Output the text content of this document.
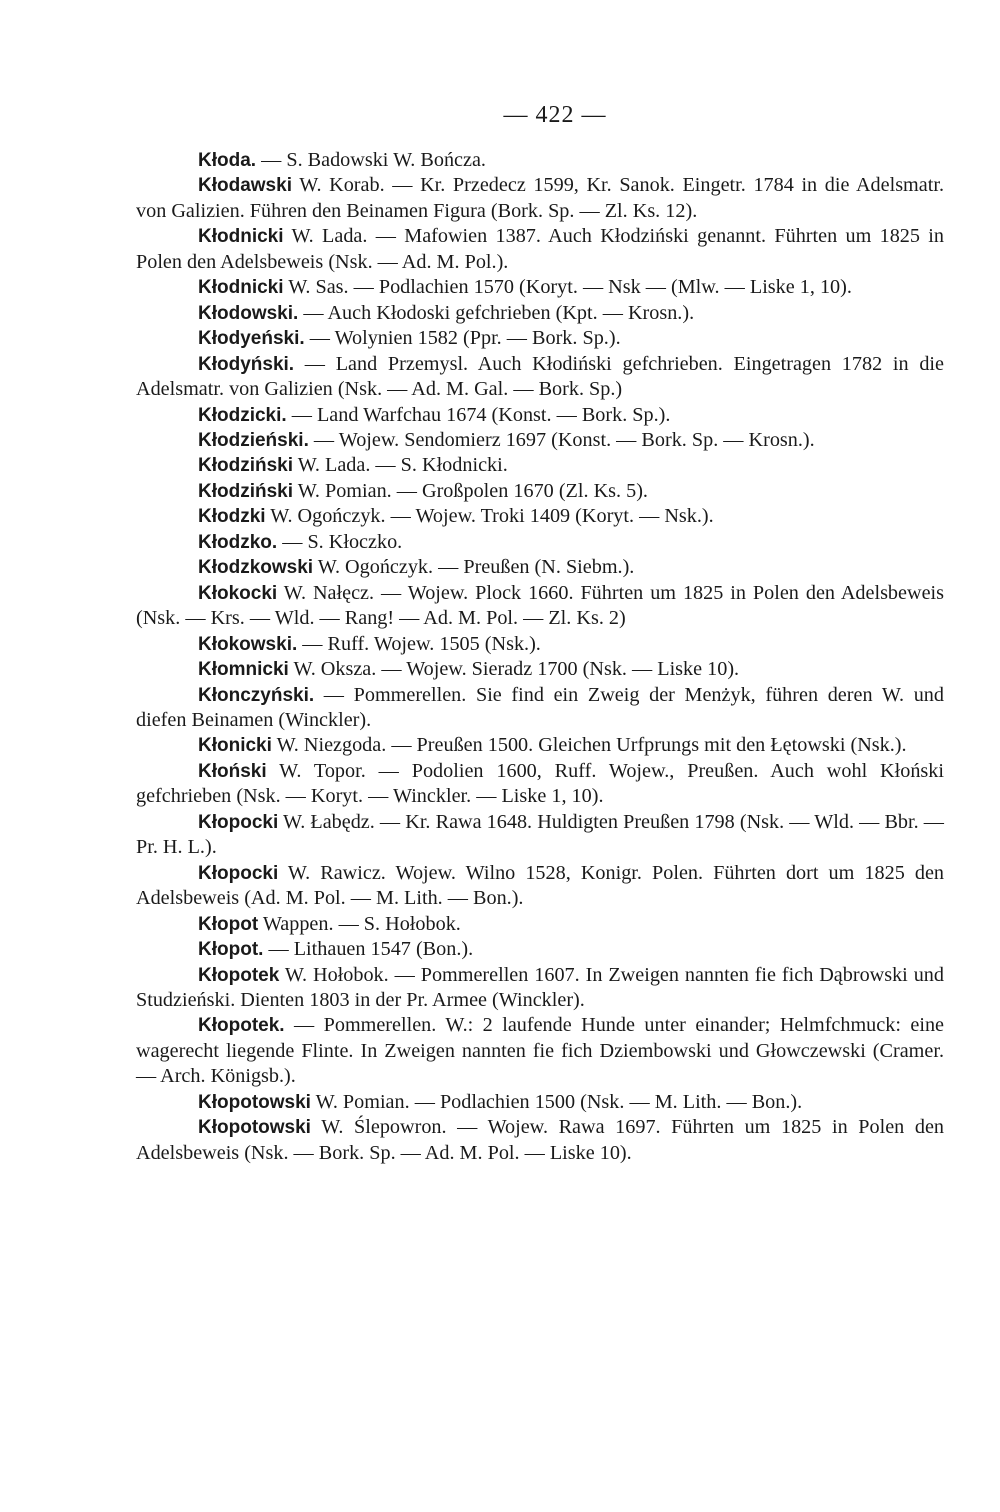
— 422 —

Kłoda. — S. Badowski W. Bończa.

Kłodawski W. Korab. — Kr. Przedecz 1599, Kr. Sanok. Eingetr. 1784 in die Adelsmatr. von Galizien. Führen den Beinamen Figura (Bork. Sp. — Zl. Ks. 12).

Kłodnicki W. Lada. — Mafowien 1387. Auch Kłodziński genannt. Führten um 1825 in Polen den Adelsbeweis (Nsk. — Ad. M. Pol.).

Kłodnicki W. Sas. — Podlachien 1570 (Koryt. — Nsk — (Mlw. — Liske 1, 10).

Kłodowski. — Auch Kłodoski gefchrieben (Kpt. — Krosn.).

Kłodyeński. — Wolynien 1582 (Ppr. — Bork. Sp.).

Kłodyński. — Land Przemysl. Auch Kłodiński gefchrieben. Eingetragen 1782 in die Adelsmatr. von Galizien (Nsk. — Ad. M. Gal. — Bork. Sp.)

Kłodzicki. — Land Warfchau 1674 (Konst. — Bork. Sp.).

Kłodzieński. — Wojew. Sendomierz 1697 (Konst. — Bork. Sp. — Krosn.).

Kłodziński W. Lada. — S. Kłodnicki.

Kłodziński W. Pomian. — Großpolen 1670 (Zl. Ks. 5).

Kłodzki W. Ogończyk. — Wojew. Troki 1409 (Koryt. — Nsk.).

Kłodzko. — S. Kłoczko.

Kłodzkowski W. Ogończyk. — Preußen (N. Siebm.).

Kłokocki W. Nałęcz. — Wojew. Plock 1660. Führten um 1825 in Polen den Adelsbeweis (Nsk. — Krs. — Wld. — Rang! — Ad. M. Pol. — Zl. Ks. 2)

Kłokowski. — Ruff. Wojew. 1505 (Nsk.).

Kłomnicki W. Oksza. — Wojew. Sieradz 1700 (Nsk. — Liske 10).

Kłonczyński. — Pommerellen. Sie find ein Zweig der Menżyk, führen deren W. und diefen Beinamen (Winckler).

Kłonicki W. Niezgoda. — Preußen 1500. Gleichen Urfprungs mit den Łętowski (Nsk.).

Kłoński W. Topor. — Podolien 1600, Ruff. Wojew., Preußen. Auch wohl Kłoński gefchrieben (Nsk. — Koryt. — Winckler. — Liske 1, 10).

Kłopocki W. Łabędz. — Kr. Rawa 1648. Huldigten Preußen 1798 (Nsk. — Wld. — Bbr. — Pr. H. L.).

Kłopocki W. Rawicz. Wojew. Wilno 1528, Konigr. Polen. Führten dort um 1825 den Adelsbeweis (Ad. M. Pol. — M. Lith. — Bon.).

Kłopot Wappen. — S. Hołobok.

Kłopot. — Lithauen 1547 (Bon.).

Kłopotek W. Hołobok. — Pommerellen 1607. In Zweigen nannten fie fich Dąbrowski und Studzieński. Dienten 1803 in der Pr. Armee (Winckler).

Kłopotek. — Pommerellen. W.: 2 laufende Hunde unter einander; Helmfchmuck: eine wagerecht liegende Flinte. In Zweigen nannten fie fich Dziembowski und Głowczewski (Cramer. — Arch. Königsb.).

Kłopotowski W. Pomian. — Podlachien 1500 (Nsk. — M. Lith. — Bon.).

Kłopotowski W. Ślepowron. — Wojew. Rawa 1697. Führten um 1825 in Polen den Adelsbeweis (Nsk. — Bork. Sp. — Ad. M. Pol. — Liske 10).
